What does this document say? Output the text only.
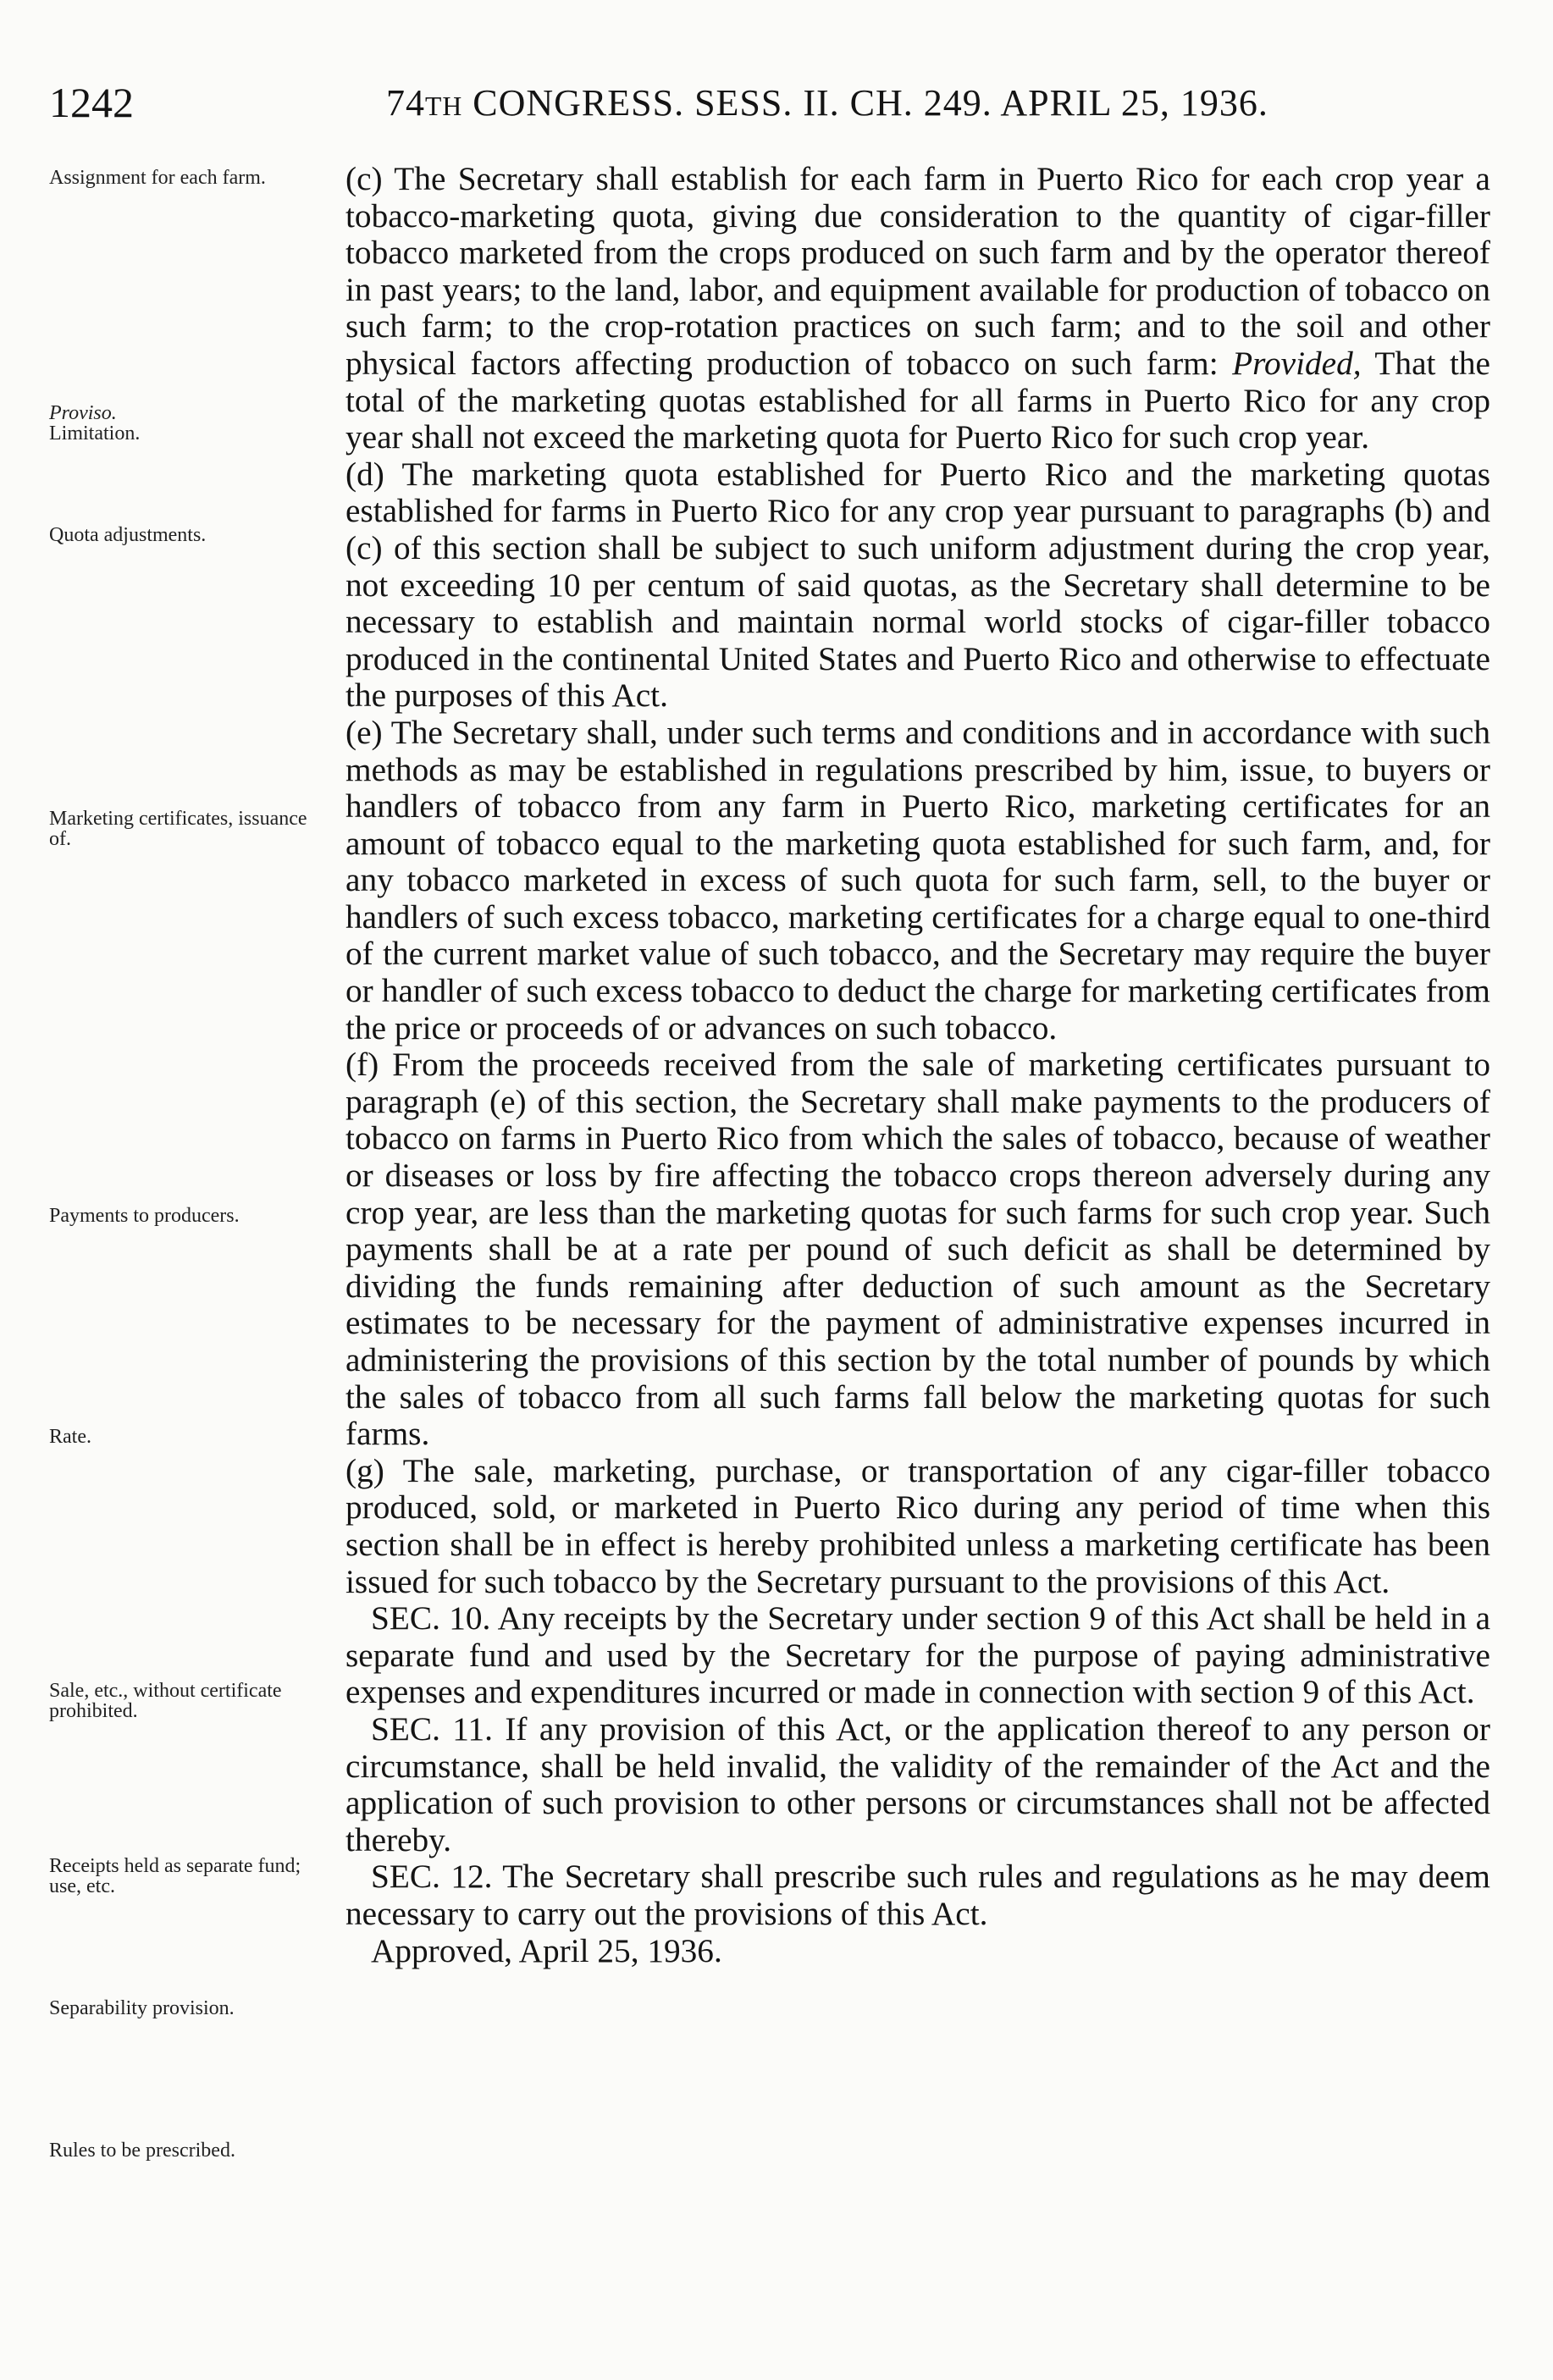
1242	74TH CONGRESS. SESS. II. CH. 249. APRIL 25, 1936.
Assignment for each farm.
Proviso.
Limitation.
Quota adjustments.
Marketing certificates, issuance of.
Payments to producers.
Rate.
Sale, etc., without certificate prohibited.
Receipts held as separate fund; use, etc.
Separability provision.
Rules to be prescribed.

(c) The Secretary shall establish for each farm in Puerto Rico for each crop year a tobacco-marketing quota, giving due consideration to the quantity of cigar-filler tobacco marketed from the crops produced on such farm and by the operator thereof in past years; to the land, labor, and equipment available for production of tobacco on such farm; to the crop-rotation practices on such farm; and to the soil and other physical factors affecting production of tobacco on such farm: Provided, That the total of the marketing quotas established for all farms in Puerto Rico for any crop year shall not exceed the marketing quota for Puerto Rico for such crop year.

(d) The marketing quota established for Puerto Rico and the marketing quotas established for farms in Puerto Rico for any crop year pursuant to paragraphs (b) and (c) of this section shall be subject to such uniform adjustment during the crop year, not exceeding 10 per centum of said quotas, as the Secretary shall determine to be necessary to establish and maintain normal world stocks of cigar-filler tobacco produced in the continental United States and Puerto Rico and otherwise to effectuate the purposes of this Act.

(e) The Secretary shall, under such terms and conditions and in accordance with such methods as may be established in regulations prescribed by him, issue, to buyers or handlers of tobacco from any farm in Puerto Rico, marketing certificates for an amount of tobacco equal to the marketing quota established for such farm, and, for any tobacco marketed in excess of such quota for such farm, sell, to the buyer or handlers of such excess tobacco, marketing certificates for a charge equal to one-third of the current market value of such tobacco, and the Secretary may require the buyer or handler of such excess tobacco to deduct the charge for marketing certificates from the price or proceeds of or advances on such tobacco.

(f) From the proceeds received from the sale of marketing certificates pursuant to paragraph (e) of this section, the Secretary shall make payments to the producers of tobacco on farms in Puerto Rico from which the sales of tobacco, because of weather or diseases or loss by fire affecting the tobacco crops thereon adversely during any crop year, are less than the marketing quotas for such farms for such crop year. Such payments shall be at a rate per pound of such deficit as shall be determined by dividing the funds remaining after deduction of such amount as the Secretary estimates to be necessary for the payment of administrative expenses incurred in administering the provisions of this section by the total number of pounds by which the sales of tobacco from all such farms fall below the marketing quotas for such farms.

(g) The sale, marketing, purchase, or transportation of any cigar-filler tobacco produced, sold, or marketed in Puerto Rico during any period of time when this section shall be in effect is hereby prohibited unless a marketing certificate has been issued for such tobacco by the Secretary pursuant to the provisions of this Act.

SEC. 10. Any receipts by the Secretary under section 9 of this Act shall be held in a separate fund and used by the Secretary for the purpose of paying administrative expenses and expenditures incurred or made in connection with section 9 of this Act.

SEC. 11. If any provision of this Act, or the application thereof to any person or circumstance, shall be held invalid, the validity of the remainder of the Act and the application of such provision to other persons or circumstances shall not be affected thereby.

SEC. 12. The Secretary shall prescribe such rules and regulations as he may deem necessary to carry out the provisions of this Act.

Approved, April 25, 1936.
